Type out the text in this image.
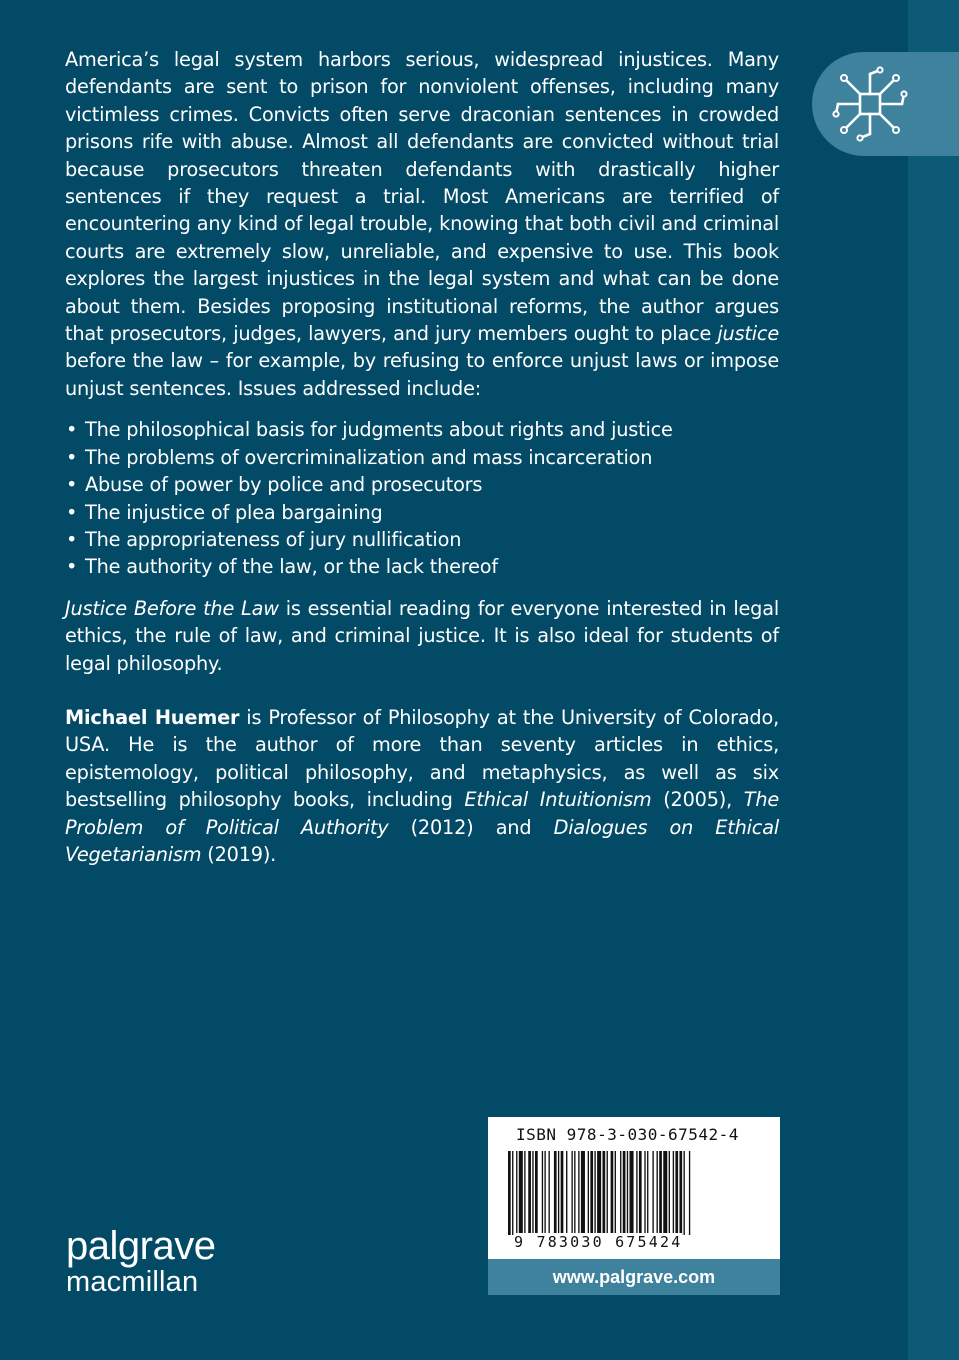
America’s legal system harbors serious, widespread injustices. Many defendants are sent to prison for nonviolent offenses, including many victimless crimes. Convicts often serve draconian sentences in crowded prisons rife with abuse. Almost all defendants are convicted without trial because prosecutors threaten defendants with drastically higher sentences if they request a trial. Most Americans are terrified of encountering any kind of legal trouble, knowing that both civil and criminal courts are extremely slow, unreliable, and expensive to use. This book explores the largest injustices in the legal system and what can be done about them. Besides proposing institutional reforms, the author argues that prosecutors, judges, lawyers, and jury members ought to place justice before the law – for example, by refusing to enforce unjust laws or impose unjust sentences. Issues addressed include:

• The philosophical basis for judgments about rights and justice
• The problems of overcriminalization and mass incarceration
• Abuse of power by police and prosecutors
• The injustice of plea bargaining
• The appropriateness of jury nullification
• The authority of the law, or the lack thereof

Justice Before the Law is essential reading for everyone interested in legal ethics, the rule of law, and criminal justice. It is also ideal for students of legal philosophy.

Michael Huemer is Professor of Philosophy at the University of Colorado, USA. He is the author of more than seventy articles in ethics, epistemology, political philosophy, and metaphysics, as well as six bestselling philosophy books, including Ethical Intuitionism (2005), The Problem of Political Authority (2012) and Dialogues on Ethical Vegetarianism (2019).

ISBN 978-3-030-67542-4
9 783030 675424
www.palgrave.com
palgrave
macmillan
